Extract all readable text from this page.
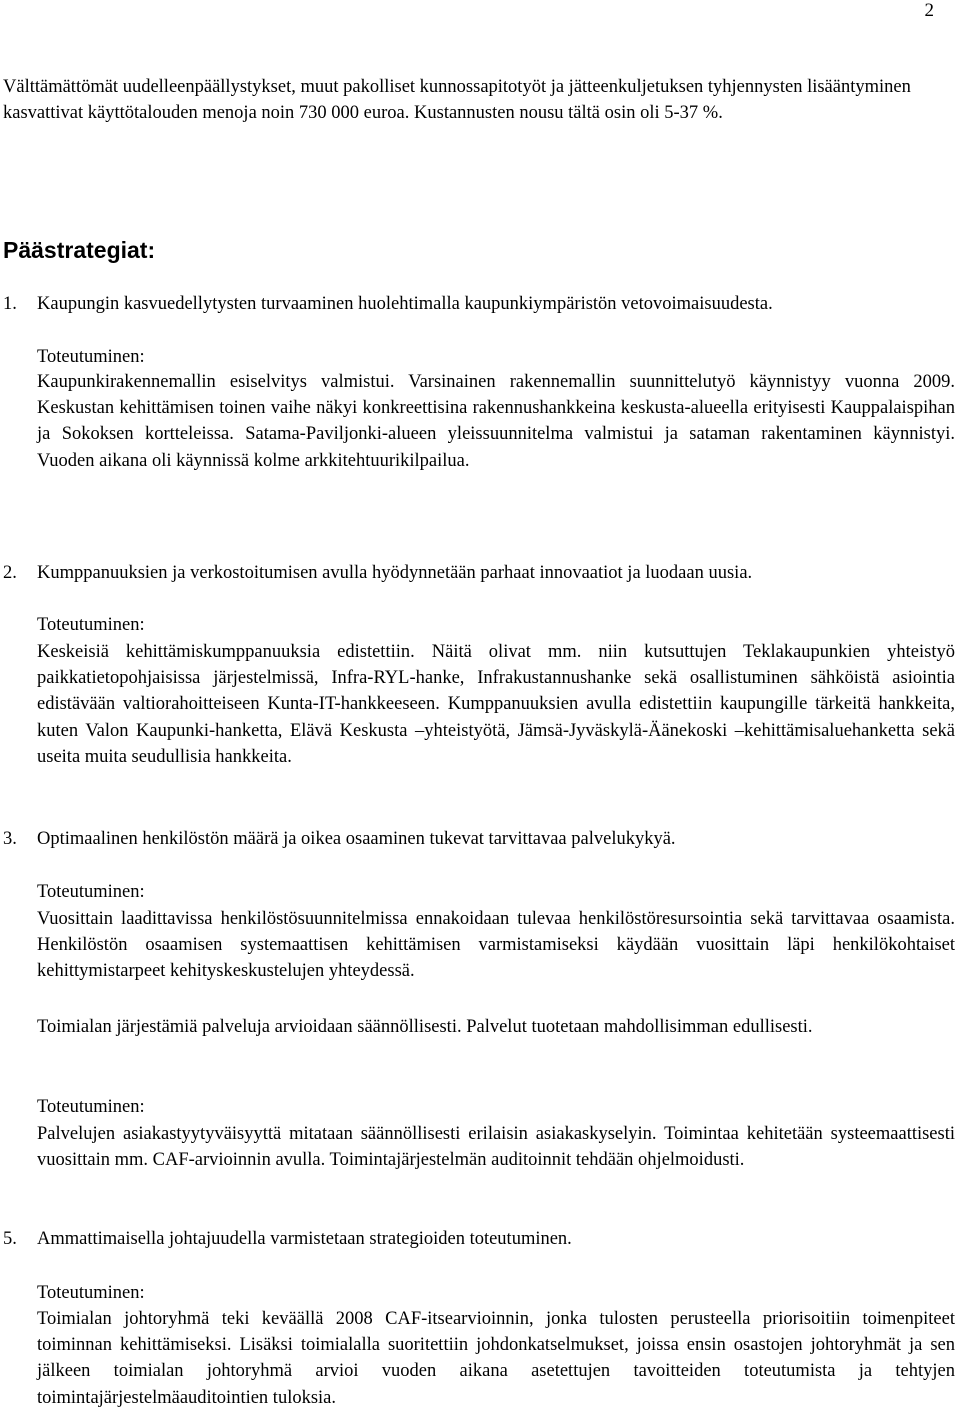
2

Välttämättömät uudelleenpäällystykset, muut pakolliset kunnossapitotyöt ja jätteenkuljetuksen tyhjennysten lisääntyminen kasvattivat käyttötalouden menoja noin 730 000 euroa. Kustannusten nousu tältä osin oli 5-37 %.

Päästrategiat:

1. Kaupungin kasvuedellytysten turvaaminen huolehtimalla kaupunkiympäristön vetovoimaisuudesta.

Toteutuminen:

Kaupunkirakennemallin esiselvitys valmistui. Varsinainen rakennemallin suunnittelutyö käynnistyy vuonna 2009. Keskustan kehittämisen toinen vaihe näkyi konkreettisina rakennushankkeina keskusta-alueella erityisesti Kauppalaispihan ja Sokoksen kortteleissa. Satama-Paviljonki-alueen yleissuunnitelma valmistui ja sataman rakentaminen käynnistyi. Vuoden aikana oli käynnissä kolme arkkitehtuurikilpailua.

2. Kumppanuuksien ja verkostoitumisen avulla hyödynnetään parhaat innovaatiot ja luodaan uusia.

Toteutuminen:

Keskeisiä kehittämiskumppanuuksia edistettiin. Näitä olivat mm. niin kutsuttujen Teklakaupunkien yhteistyö paikkatietopohjaisissa järjestelmissä, Infra-RYL-hanke, Infrakustannushanke sekä osallistuminen sähköistä asiointia edistävään valtiorahoitteiseen Kunta-IT-hankkeeseen. Kumppanuuksien avulla edistettiin kaupungille tärkeitä hankkeita, kuten Valon Kaupunki-hanketta, Elävä Keskusta –yhteistyötä, Jämsä-Jyväskylä-Äänekoski –kehittämisaluehanketta sekä useita muita seudullisia hankkeita.

3. Optimaalinen henkilöstön määrä ja oikea osaaminen tukevat tarvittavaa palvelukykyä.

Toteutuminen:

Vuosittain laadittavissa henkilöstösuunnitelmissa ennakoidaan tulevaa henkilöstöresursointia sekä tarvittavaa osaamista. Henkilöstön osaamisen systemaattisen kehittämisen varmistamiseksi käydään vuosittain läpi henkilökohtaiset kehittymistarpeet kehityskeskustelujen yhteydessä.

Toimialan järjestämiä palveluja arvioidaan säännöllisesti. Palvelut tuotetaan mahdollisimman edullisesti.

Toteutuminen:

Palvelujen asiakastyytyväisyyttä mitataan säännöllisesti erilaisin asiakaskyselyin. Toimintaa kehitetään systeemaattisesti vuosittain mm. CAF-arvioinnin avulla. Toimintajärjestelmän auditoinnit tehdään ohjelmoidusti.

5. Ammattimaisella johtajuudella varmistetaan strategioiden toteutuminen.

Toteutuminen:

Toimialan johtoryhmä teki keväällä 2008 CAF-itsearvioinnin, jonka tulosten perusteella priorisoitiin toimenpiteet toiminnan kehittämiseksi. Lisäksi toimialalla suoritettiin johdonkatselmukset, joissa ensin osastojen johtoryhmät ja sen jälkeen toimialan johtoryhmä arvioi vuoden aikana asetettujen tavoitteiden toteutumista ja tehtyjen toimintajärjestelmäauditointien tuloksia.
